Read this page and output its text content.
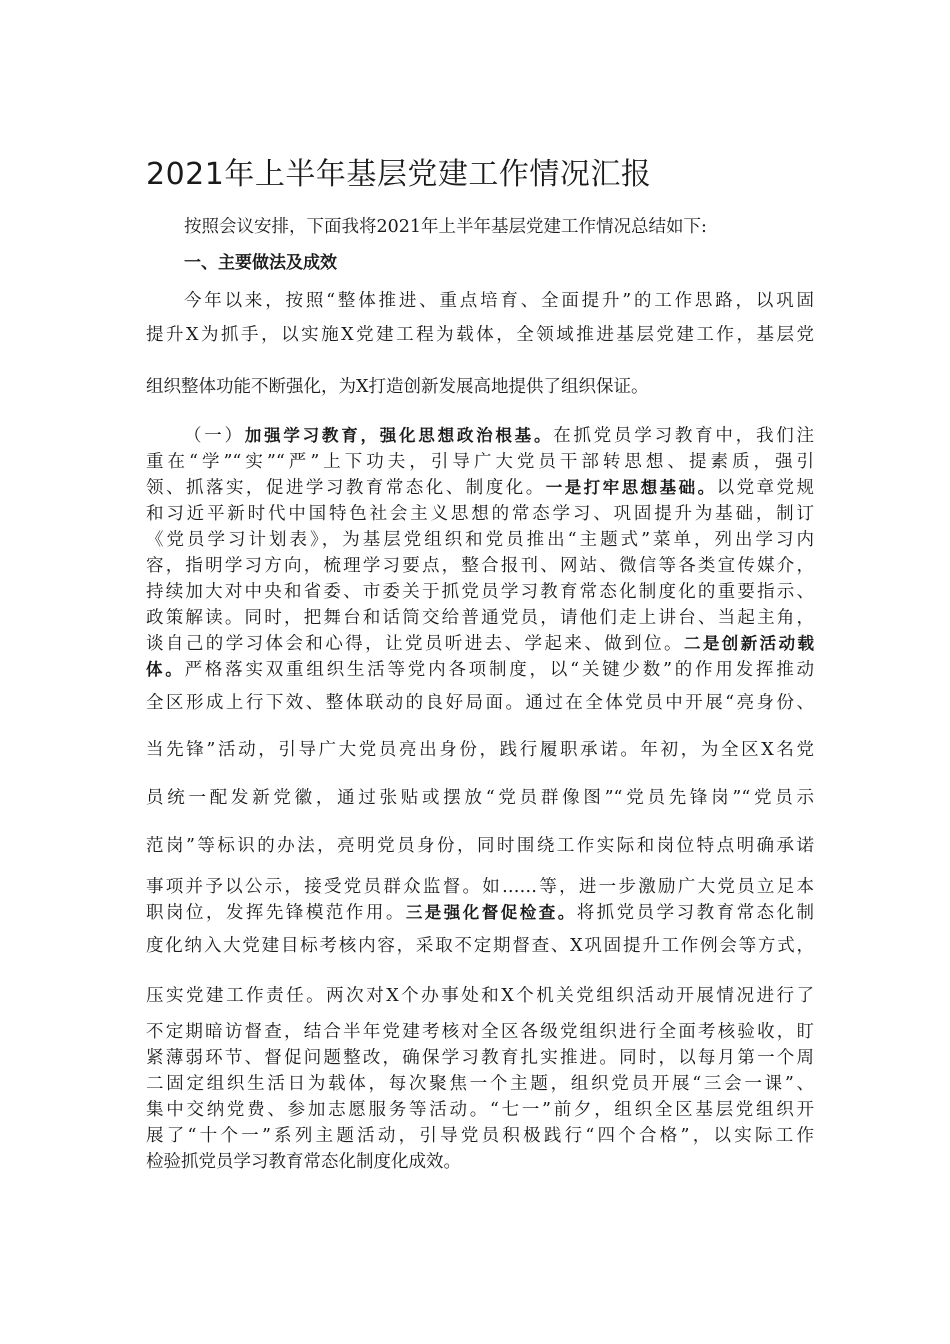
2021年上半年基层党建工作情况汇报
按照会议安排，下面我将2021年上半年基层党建工作情况总结如下:
一、主要做法及成效
今年以来，按照“整体推进、重点培育、全面提升”的工作思路，以巩固
提升X为抓手，以实施X党建工程为载体，全领域推进基层党建工作，基层党
组织整体功能不断强化，为X打造创新发展高地提供了组织保证。
（一）加强学习教育，强化思想政治根基。在抓党员学习教育中，我们注
重在“学”“实”“严”上下功夫，引导广大党员干部转思想、提素质，强引
领、抓落实，促进学习教育常态化、制度化。一是打牢思想基础。以党章党规
和习近平新时代中国特色社会主义思想的常态学习、巩固提升为基础，制订
《党员学习计划表》，为基层党组织和党员推出“主题式”菜单，列出学习内
容，指明学习方向，梳理学习要点，整合报刊、网站、微信等各类宣传媒介，
持续加大对中央和省委、市委关于抓党员学习教育常态化制度化的重要指示、
政策解读。同时，把舞台和话筒交给普通党员，请他们走上讲台、当起主角，
谈自己的学习体会和心得，让党员听进去、学起来、做到位。二是创新活动载
体。严格落实双重组织生活等党内各项制度，以“关键少数”的作用发挥推动
全区形成上行下效、整体联动的良好局面。通过在全体党员中开展“亮身份、
当先锋”活动，引导广大党员亮出身份，践行履职承诺。年初，为全区X名党
员统一配发新党徽，通过张贴或摆放“党员群像图”“党员先锋岗”“党员示
范岗”等标识的办法，亮明党员身份，同时围绕工作实际和岗位特点明确承诺
事项并予以公示，接受党员群众监督。如……等，进一步激励广大党员立足本
职岗位，发挥先锋模范作用。三是强化督促检查。将抓党员学习教育常态化制
度化纳入大党建目标考核内容，采取不定期督查、X巩固提升工作例会等方式，
压实党建工作责任。两次对X个办事处和X个机关党组织活动开展情况进行了
不定期暗访督查，结合半年党建考核对全区各级党组织进行全面考核验收，盯
紧薄弱环节、督促问题整改，确保学习教育扎实推进。同时，以每月第一个周
二固定组织生活日为载体，每次聚焦一个主题，组织党员开展“三会一课”、
集中交纳党费、参加志愿服务等活动。“七一”前夕，组织全区基层党组织开
展了“十个一”系列主题活动，引导党员积极践行“四个合格”，以实际工作
检验抓党员学习教育常态化制度化成效。
